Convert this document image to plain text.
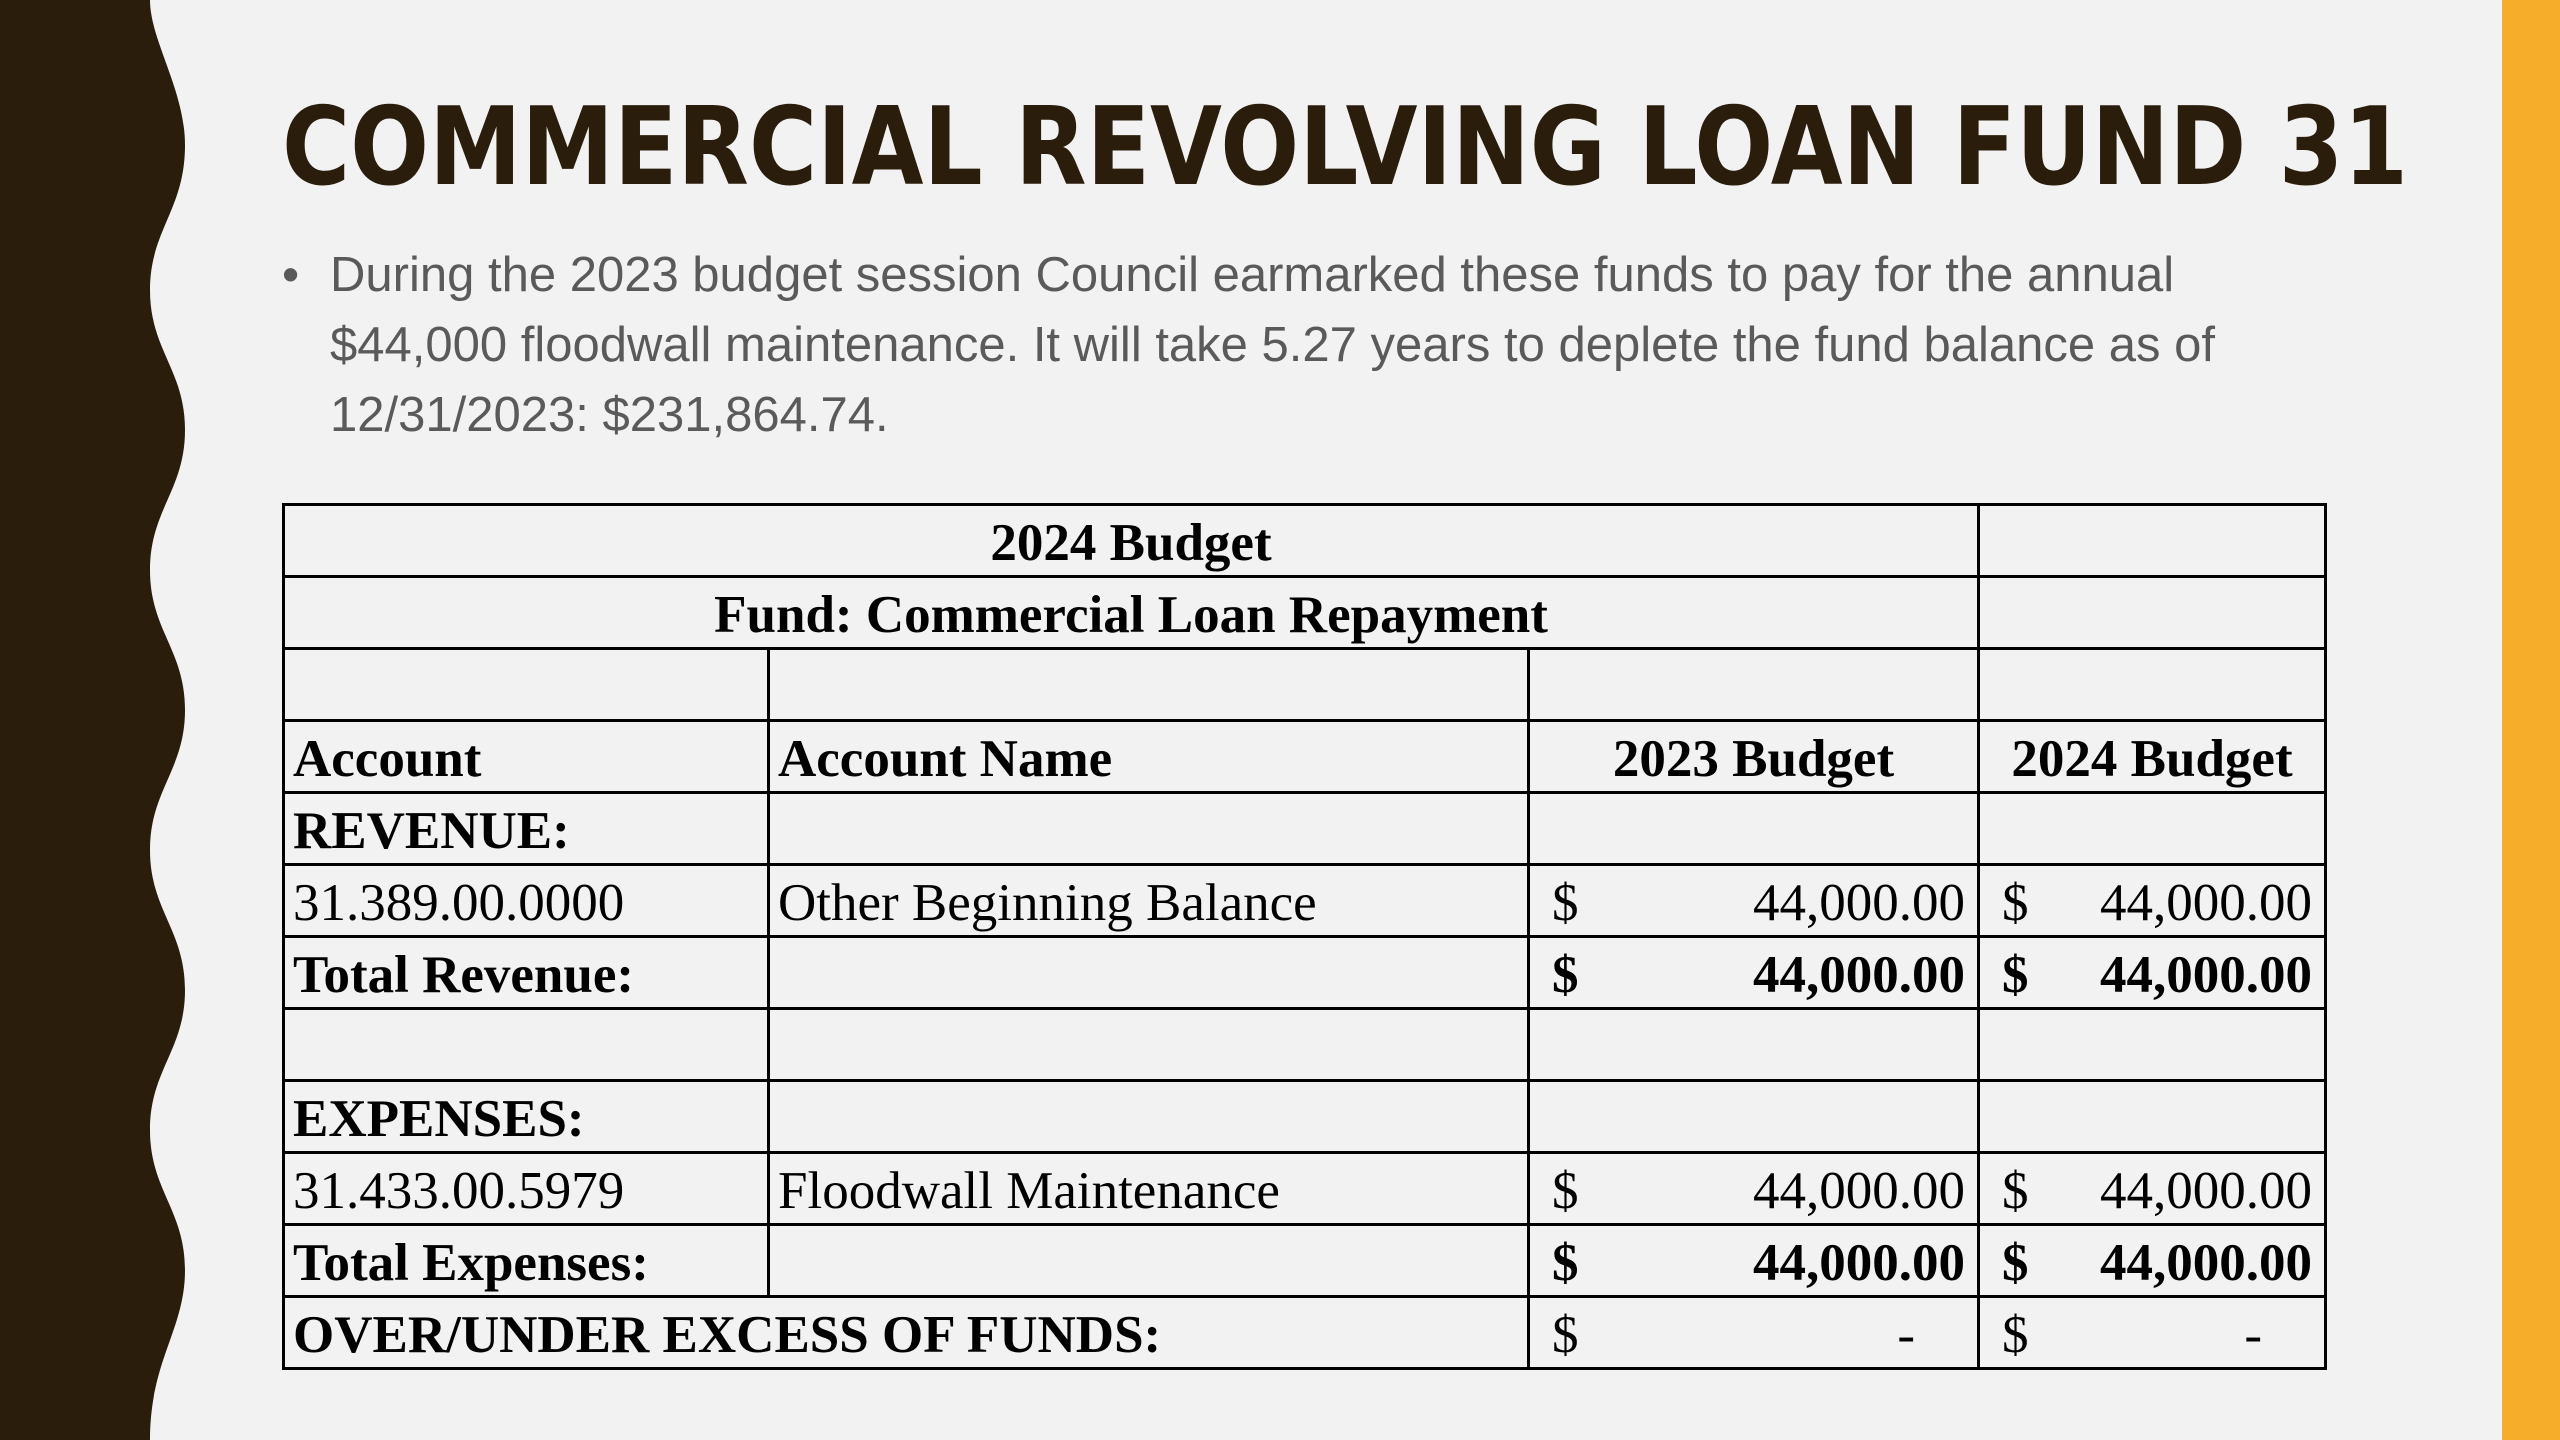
COMMERCIAL REVOLVING LOAN FUND 31
• During the 2023 budget session Council earmarked these funds to pay for the annual $44,000 floodwall maintenance. It will take 5.27 years to deplete the fund balance as of 12/31/2023: $231,864.74.
2024 Budget			
Fund: Commercial Loan Repayment			

Account	Account Name	2023 Budget	2024 Budget
REVENUE:			
31.389.00.0000	Other Beginning Balance	$ 44,000.00	$ 44,000.00

Total Revenue:		$ 44,000.00	$ 44,000.00

EXPENSES:			
31.433.00.5979	Floodwall Maintenance	$ 44,000.00	$ 44,000.00

Total Expenses:		$ 44,000.00	$ 44,000.00

OVER/UNDER EXCESS OF FUNDS:		$ -	$ -
